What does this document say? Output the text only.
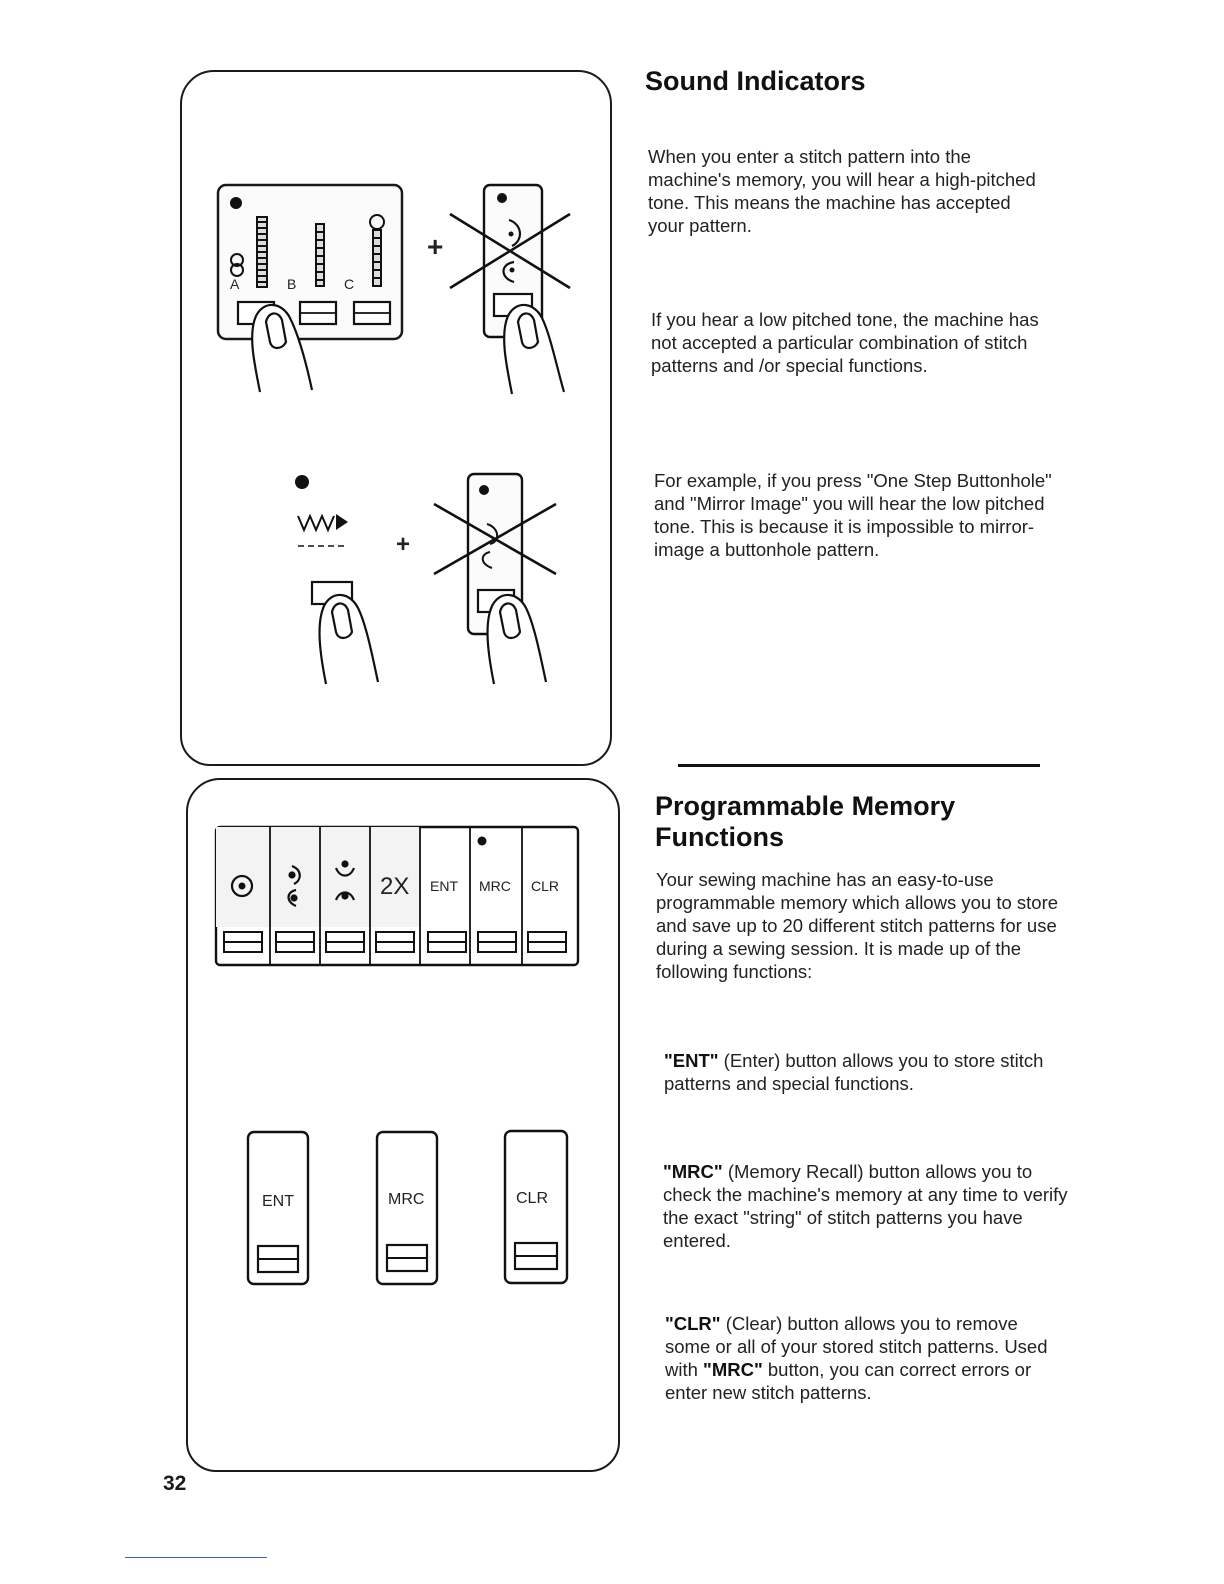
A	B	C
+
+
2X ENT MRC CLR
ENT	MRC	CLR
Sound Indicators
When you enter a stitch pattern into the machine's memory, you will hear a high-pitched tone. This means the machine has accepted your pattern.
If you hear a low pitched tone, the machine has not accepted a particular combination of stitch patterns and /or special functions.
For example, if you press "One Step Buttonhole" and "Mirror Image" you will hear the low pitched tone. This is because it is impossible to mirror-image a buttonhole pattern.
Programmable Memory
Functions
Your sewing machine has an easy-to-use programmable memory which allows you to store and save up to 20 different stitch patterns for use during a sewing session. It is made up of the following functions:
"ENT" (Enter) button allows you to store stitch patterns and special functions.
"MRC" (Memory Recall) button allows you to check the machine's memory at any time to verify the exact "string" of stitch patterns you have entered.
"CLR" (Clear) button allows you to remove some or all of your stored stitch patterns. Used with "MRC" button, you can correct errors or enter new stitch patterns.
32
